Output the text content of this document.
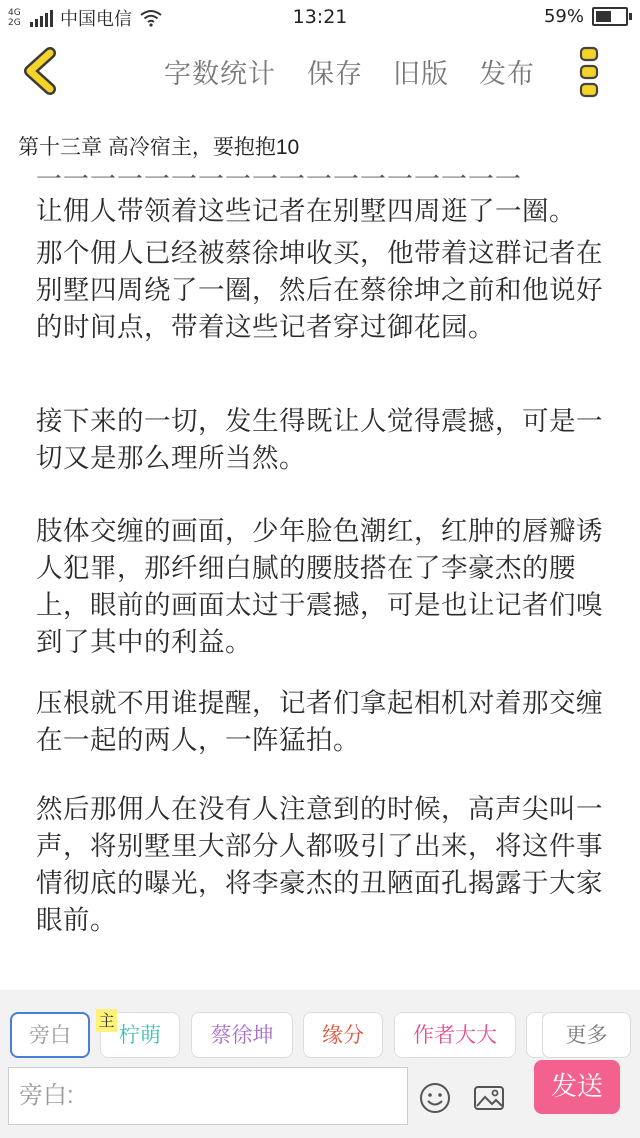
4G 2G	中国电信	13:21	59%
字数统计 保存 旧版 发布
第十三章 高冷宿主，要抱抱10
一一一一一一一一一一一一一一一一一一

让佣人带领着这些记者在别墅四周逛了一圈。

那个佣人已经被蔡徐坤收买，他带着这群记者在别墅四周绕了一圈，然后在蔡徐坤之前和他说好的时间点，带着这些记者穿过御花园。

接下来的一切，发生得既让人觉得震撼，可是一切又是那么理所当然。

肢体交缠的画面，少年脸色潮红，红肿的唇瓣诱人犯罪，那纤细白腻的腰肢搭在了李豪杰的腰上，眼前的画面太过于震撼，可是也让记者们嗅到了其中的利益。

压根就不用谁提醒，记者们拿起相机对着那交缠在一起的两人，一阵猛拍。

然后那佣人在没有人注意到的时候，高声尖叫一声，将别墅里大部分人都吸引了出来，将这件事情彻底的曝光，将李豪杰的丑陋面孔揭露于大家眼前。

旁白	柠萌
主
蔡徐坤	缘分	作者大大	更多
旁白:
发送
